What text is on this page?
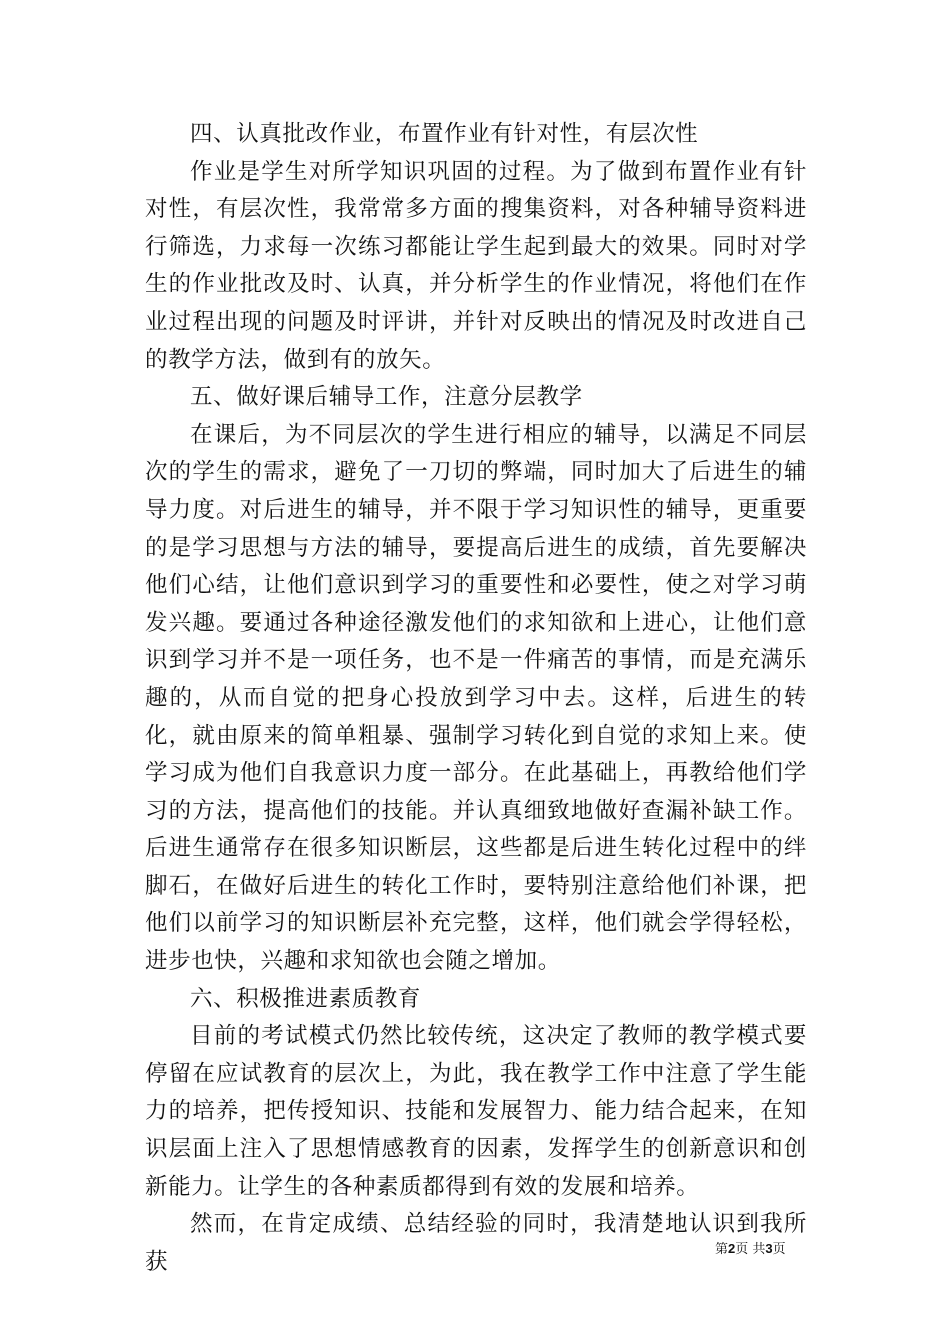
四、认真批改作业，布置作业有针对性，有层次性

作业是学生对所学知识巩固的过程。为了做到布置作业有针对性，有层次性，我常常多方面的搜集资料，对各种辅导资料进行筛选，力求每一次练习都能让学生起到最大的效果。同时对学生的作业批改及时、认真，并分析学生的作业情况，将他们在作业过程出现的问题及时评讲，并针对反映出的情况及时改进自己的教学方法，做到有的放矢。

五、做好课后辅导工作，注意分层教学

在课后，为不同层次的学生进行相应的辅导，以满足不同层次的学生的需求，避免了一刀切的弊端，同时加大了后进生的辅导力度。对后进生的辅导，并不限于学习知识性的辅导，更重要的是学习思想与方法的辅导，要提高后进生的成绩，首先要解决他们心结，让他们意识到学习的重要性和必要性，使之对学习萌发兴趣。要通过各种途径激发他们的求知欲和上进心，让他们意识到学习并不是一项任务，也不是一件痛苦的事情，而是充满乐趣的，从而自觉的把身心投放到学习中去。这样，后进生的转化，就由原来的简单粗暴、强制学习转化到自觉的求知上来。使学习成为他们自我意识力度一部分。在此基础上，再教给他们学习的方法，提高他们的技能。并认真细致地做好查漏补缺工作。后进生通常存在很多知识断层，这些都是后进生转化过程中的绊脚石，在做好后进生的转化工作时，要特别注意给他们补课，把他们以前学习的知识断层补充完整，这样，他们就会学得轻松，进步也快，兴趣和求知欲也会随之增加。

六、积极推进素质教育

目前的考试模式仍然比较传统，这决定了教师的教学模式要停留在应试教育的层次上，为此，我在教学工作中注意了学生能力的培养，把传授知识、技能和发展智力、能力结合起来，在知识层面上注入了思想情感教育的因素，发挥学生的创新意识和创新能力。让学生的各种素质都得到有效的发展和培养。

然而，在肯定成绩、总结经验的同时，我清楚地认识到我所获	第2页 共3页
